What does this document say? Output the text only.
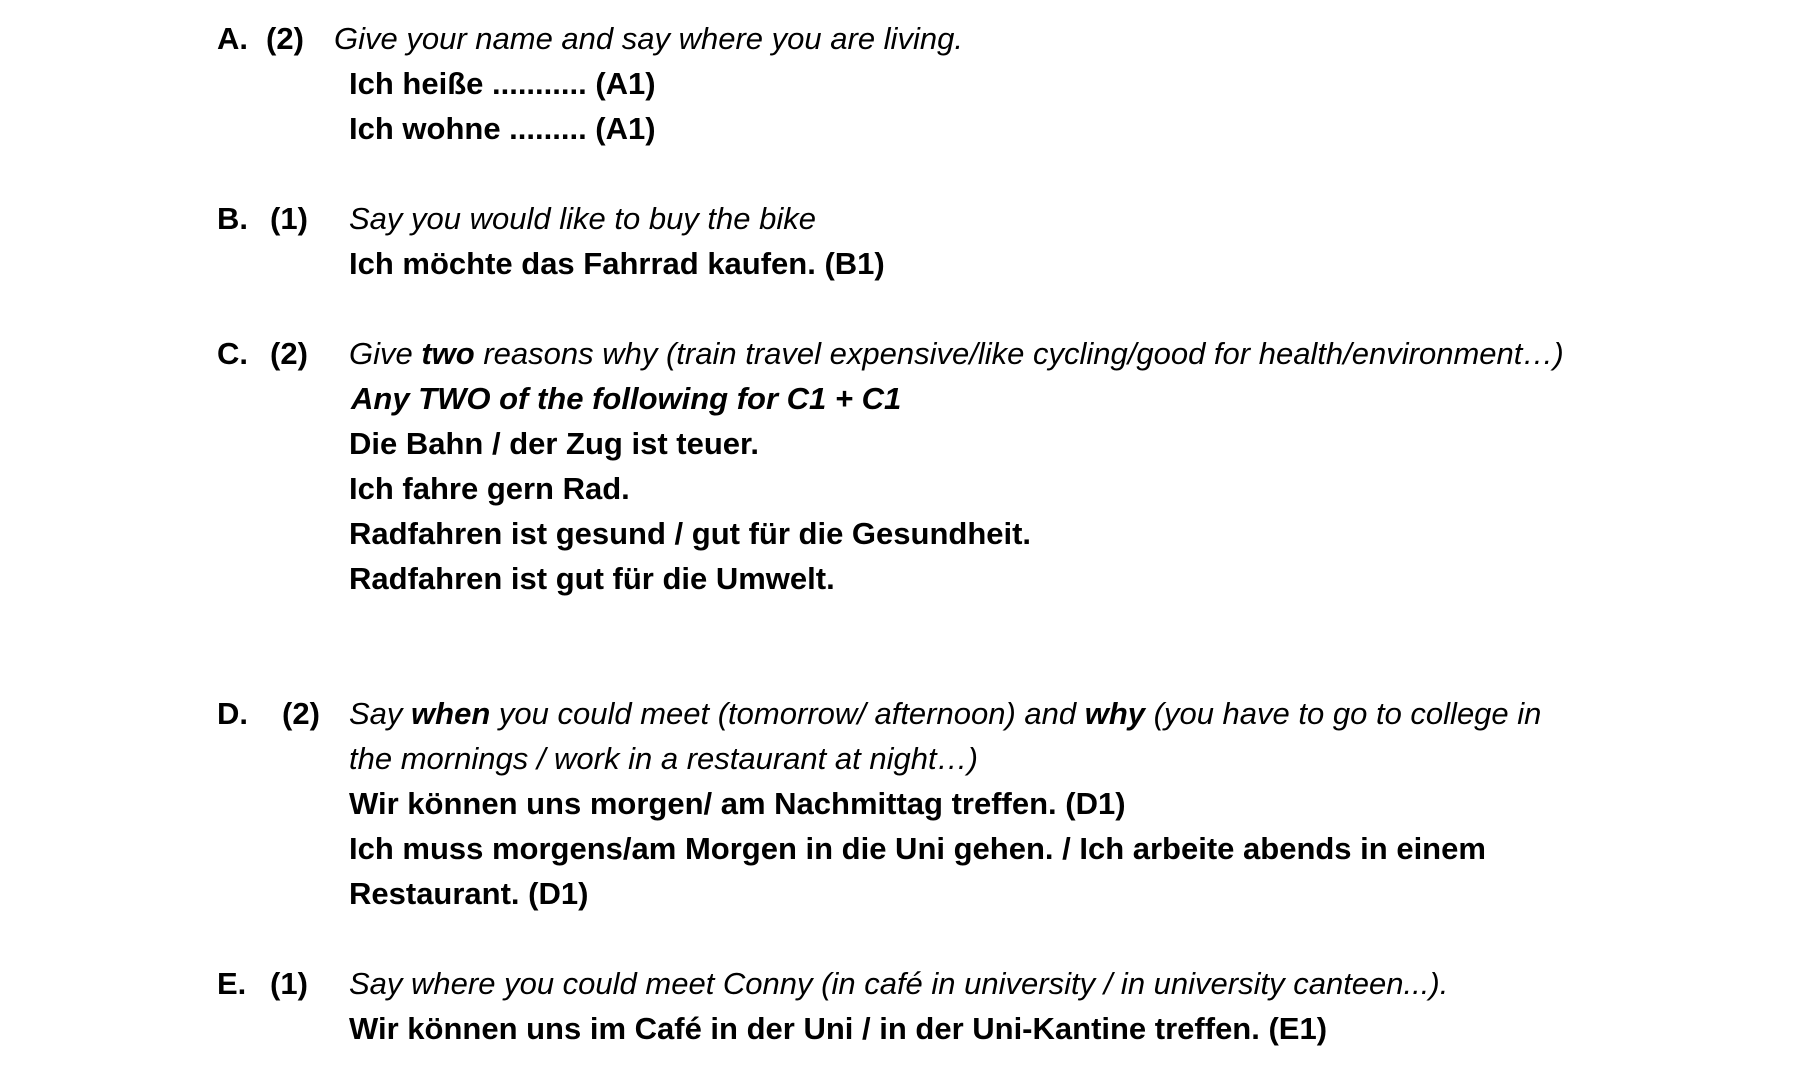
A. (2) Give your name and say where you are living.
Ich heiße ........... (A1)
Ich wohne ......... (A1)
B. (1) Say you would like to buy the bike
Ich möchte das Fahrrad kaufen. (B1)
C. (2) Give two reasons why (train travel expensive/like cycling/good for health/environment…)
Any TWO of the following for C1 + C1
Die Bahn / der Zug ist teuer.
Ich fahre gern Rad.
Radfahren ist gesund / gut für die Gesundheit.
Radfahren ist gut für die Umwelt.
D. (2) Say when you could meet (tomorrow/ afternoon) and why (you have to go to college in
the mornings / work in a restaurant at night…)
Wir können uns morgen/ am Nachmittag treffen. (D1)
Ich muss morgens/am Morgen in die Uni gehen. / Ich arbeite abends in einem
Restaurant. (D1)
E. (1) Say where you could meet Conny (in café in university / in university canteen...).
Wir können uns im Café in der Uni / in der Uni-Kantine treffen. (E1)
